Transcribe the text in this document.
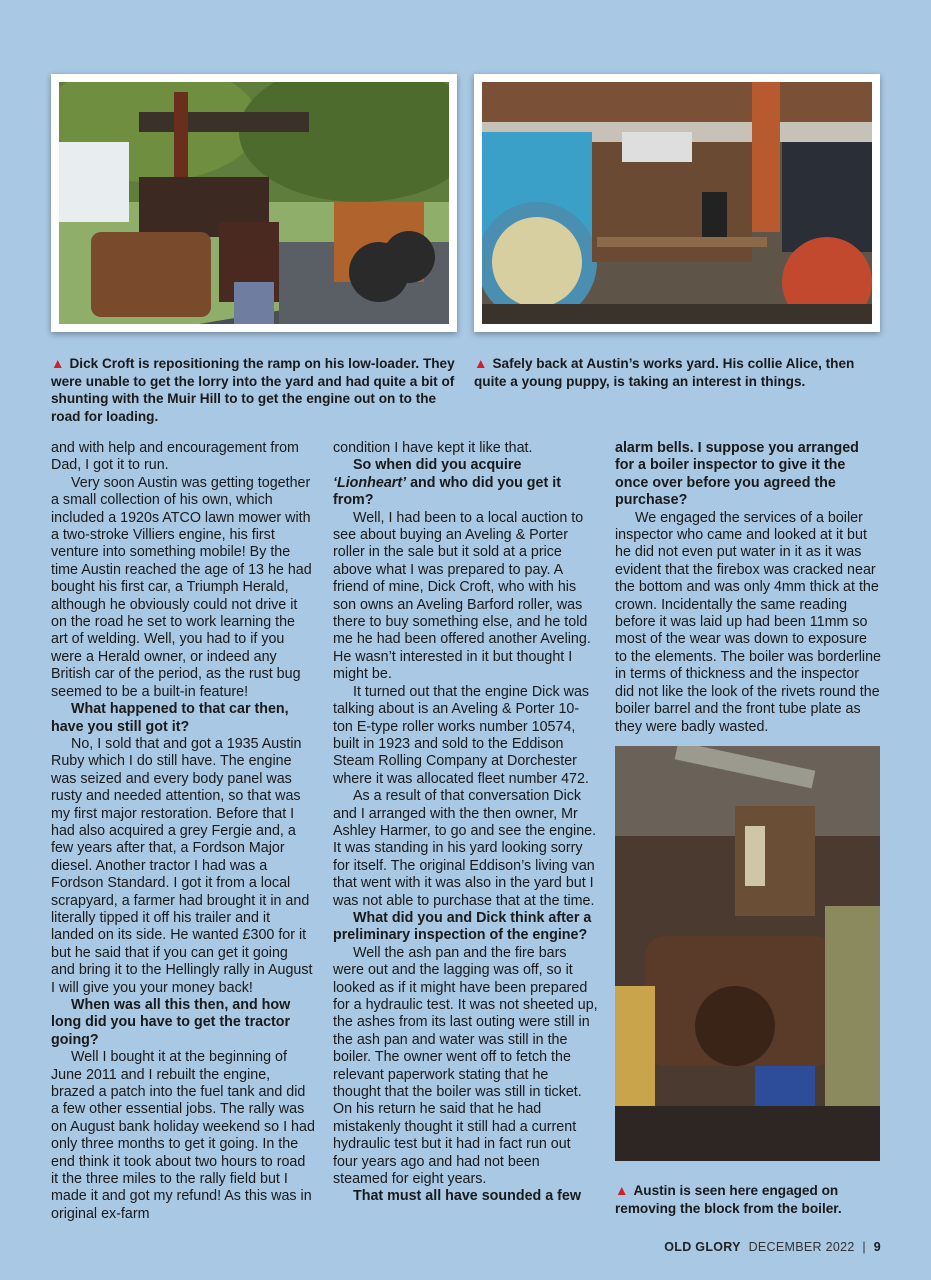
▲ Dick Croft is repositioning the ramp on his low-loader. They were unable to get the lorry into the yard and had quite a bit of shunting with the Muir Hill to to get the engine out on to the road for loading.
▲ Safely back at Austin’s works yard. His collie Alice, then quite a young puppy, is taking an interest in things.

and with help and encouragement from Dad, I got it to run.

Very soon Austin was getting together a small collection of his own, which included a 1920s ATCO lawn mower with a two-stroke Villiers engine, his first venture into something mobile! By the time Austin reached the age of 13 he had bought his first car, a Triumph Herald, although he obviously could not drive it on the road he set to work learning the art of welding. Well, you had to if you were a Herald owner, or indeed any British car of the period, as the rust bug seemed to be a built-in feature!

What happened to that car then, have you still got it?

No, I sold that and got a 1935 Austin Ruby which I do still have. The engine was seized and every body panel was rusty and needed attention, so that was my first major restoration. Before that I had also acquired a grey Fergie and, a few years after that, a Fordson Major diesel. Another tractor I had was a Fordson Standard. I got it from a local scrapyard, a farmer had brought it in and literally tipped it off his trailer and it landed on its side. He wanted £300 for it but he said that if you can get it going and bring it to the Hellingly rally in August I will give you your money back!

When was all this then, and how long did you have to get the tractor going?

Well I bought it at the beginning of June 2011 and I rebuilt the engine, brazed a patch into the fuel tank and did a few other essential jobs. The rally was on August bank holiday weekend so I had only three months to get it going. In the end think it took about two hours to road it the three miles to the rally field but I made it and got my refund! As this was in original ex-farm

condition I have kept it like that.

So when did you acquire ‘Lionheart’ and who did you get it from?

Well, I had been to a local auction to see about buying an Aveling & Porter roller in the sale but it sold at a price above what I was prepared to pay. A friend of mine, Dick Croft, who with his son owns an Aveling Barford roller, was there to buy something else, and he told me he had been offered another Aveling. He wasn’t interested in it but thought I might be.

It turned out that the engine Dick was talking about is an Aveling & Porter 10-ton E-type roller works number 10574, built in 1923 and sold to the Eddison Steam Rolling Company at Dorchester where it was allocated fleet number 472.

As a result of that conversation Dick and I arranged with the then owner, Mr Ashley Harmer, to go and see the engine. It was standing in his yard looking sorry for itself. The original Eddison’s living van that went with it was also in the yard but I was not able to purchase that at the time.

What did you and Dick think after a preliminary inspection of the engine?

Well the ash pan and the fire bars were out and the lagging was off, so it looked as if it might have been prepared for a hydraulic test. It was not sheeted up, the ashes from its last outing were still in the ash pan and water was still in the boiler. The owner went off to fetch the relevant paperwork stating that he thought that the boiler was still in ticket. On his return he said that he had mistakenly thought it still had a current hydraulic test but it had in fact run out four years ago and had not been steamed for eight years.

That must all have sounded a few

alarm bells. I suppose you arranged for a boiler inspector to give it the once over before you agreed the purchase?

We engaged the services of a boiler inspector who came and looked at it but he did not even put water in it as it was evident that the firebox was cracked near the bottom and was only 4mm thick at the crown. Incidentally the same reading before it was laid up had been 11mm so most of the wear was down to exposure to the elements. The boiler was borderline in terms of thickness and the inspector did not like the look of the rivets round the boiler barrel and the front tube plate as they were badly wasted.

▲ Austin is seen here engaged on removing the block from the boiler.
OLD GLORY DECEMBER 2022 | 9
